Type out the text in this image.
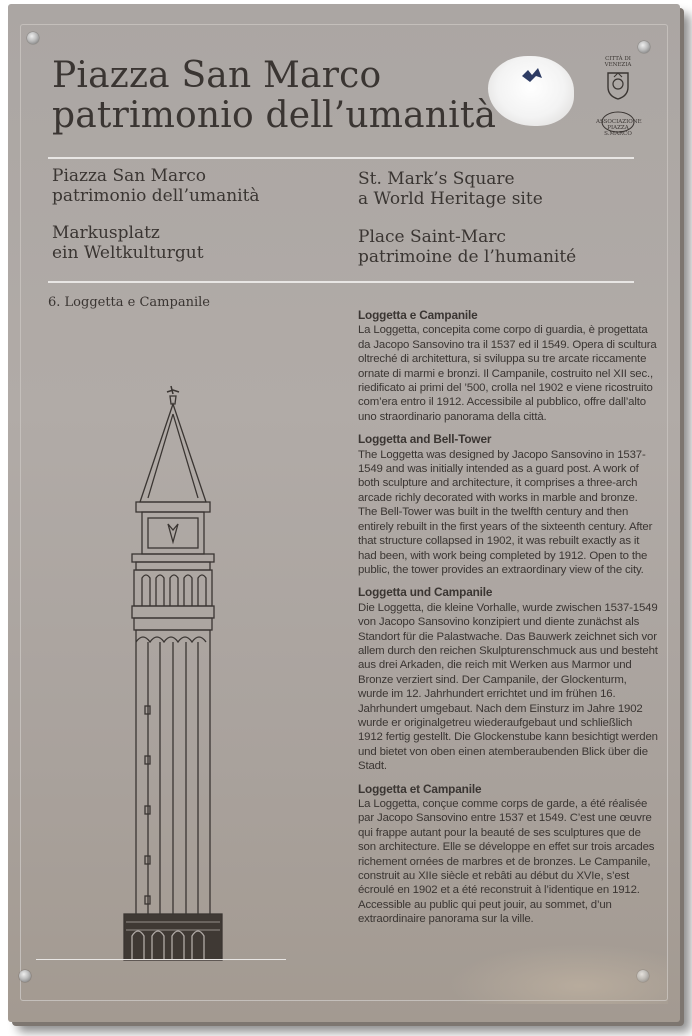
Piazza San Marco
patrimonio dell’umanità
CITTÀ DI
VENEZIA

ASSOCIAZIONE
PIAZZA
S.MARCO
Piazza San Marco
patrimonio dell’umanità
St. Mark’s Square
a World Heritage site
Markusplatz
ein Weltkulturgut
Place Saint-Marc
patrimoine de l’humanité
6. Loggetta e Campanile
Loggetta e Campanile

La Loggetta, concepita come corpo di guardia, è progettata da Jacopo Sansovino tra il 1537 ed il 1549. Opera di scultura oltreché di architettura, si sviluppa su tre arcate riccamente ornate di marmi e bronzi. Il Campanile, costruito nel XII sec., riedificato ai primi del ’500, crolla nel 1902 e viene ricostruito com’era entro il 1912. Accessibile al pubblico, offre dall’alto uno straordinario panorama della città.

Loggetta and Bell-Tower

The Loggetta was designed by Jacopo Sansovino in 1537-1549 and was initially intended as a guard post. A work of both sculpture and architecture, it comprises a three-arch arcade richly decorated with works in marble and bronze. The Bell-Tower was built in the twelfth century and then entirely rebuilt in the first years of the sixteenth century. After that structure collapsed in 1902, it was rebuilt exactly as it had been, with work being completed by 1912. Open to the public, the tower provides an extraordinary view of the city.

Loggetta und Campanile

Die Loggetta, die kleine Vorhalle, wurde zwischen 1537-1549 von Jacopo Sansovino konzipiert und diente zunächst als Standort für die Palastwache. Das Bauwerk zeichnet sich vor allem durch den reichen Skulpturenschmuck aus und besteht aus drei Arkaden, die reich mit Werken aus Marmor und Bronze verziert sind. Der Campanile, der Glockenturm, wurde im 12. Jahrhundert errichtet und im frühen 16. Jahrhundert umgebaut. Nach dem Einsturz im Jahre 1902 wurde er originalgetreu wiederaufgebaut und schließlich 1912 fertig gestellt. Die Glockenstube kann besichtigt werden und bietet von oben einen atemberaubenden Blick über die Stadt.

Loggetta et Campanile

La Loggetta, conçue comme corps de garde, a été réalisée par Jacopo Sansovino entre 1537 et 1549. C’est une œuvre qui frappe autant pour la beauté de ses sculptures que de son architecture. Elle se développe en effet sur trois arcades richement ornées de marbres et de bronzes. Le Campanile, construit au XIIe siècle et rebâti au début du XVIe, s’est écroulé en 1902 et a été reconstruit à l’identique en 1912. Accessible au public qui peut jouir, au sommet, d’un extraordinaire panorama sur la ville.
